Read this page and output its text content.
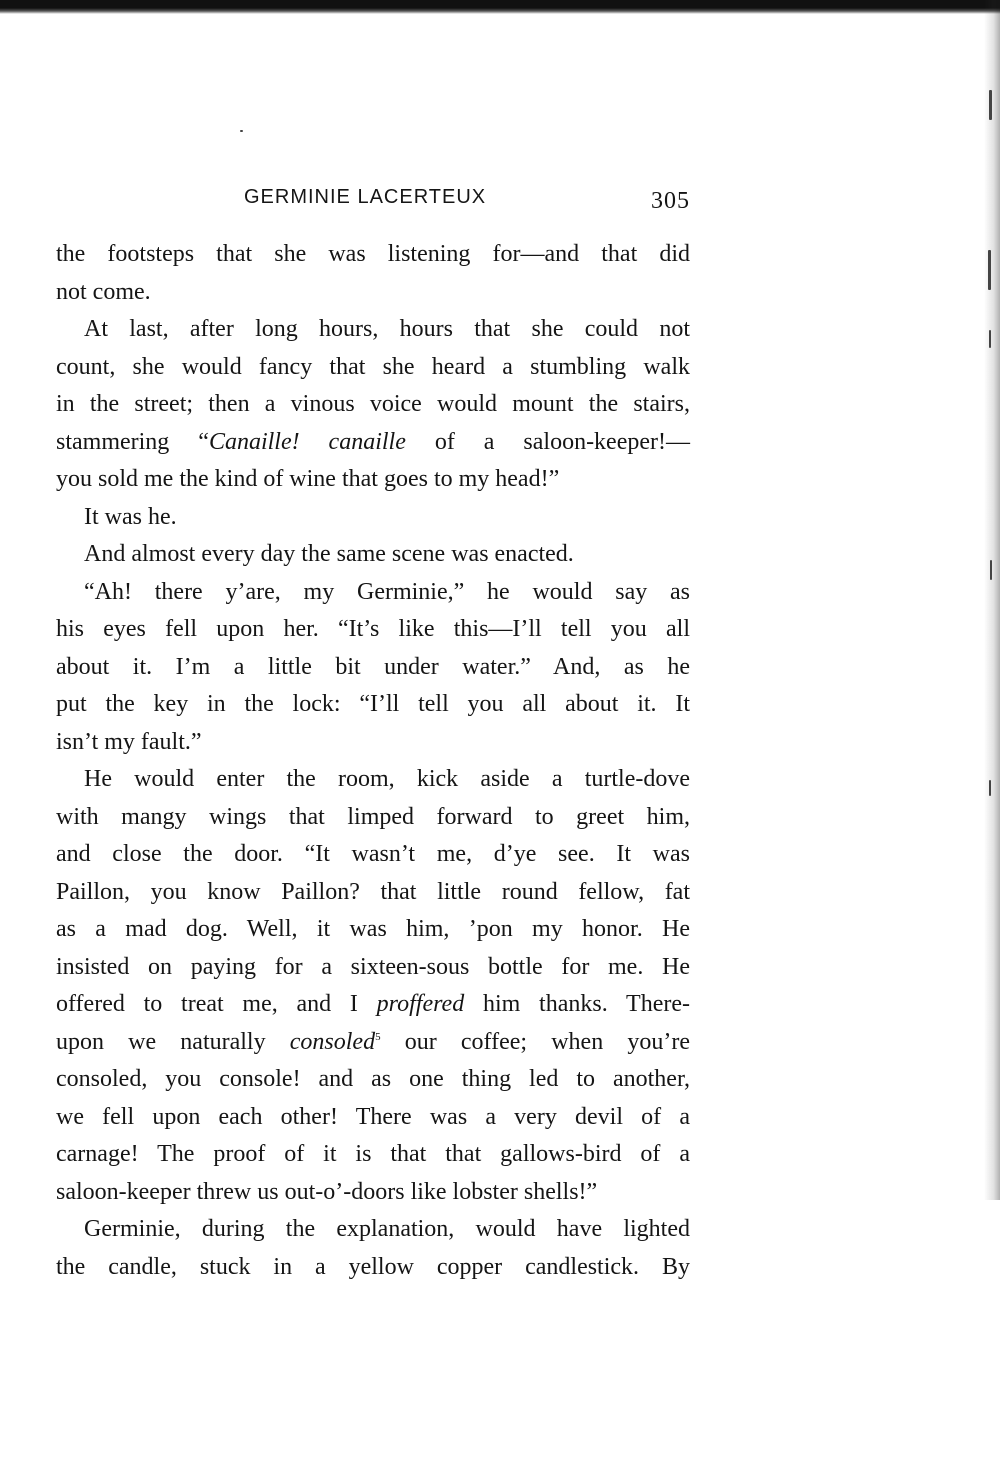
GERMINIE LACERTEUX	305
the footsteps that she was listening for—and that did
not come.
At last, after long hours, hours that she could not
count, she would fancy that she heard a stumbling walk
in the street; then a vinous voice would mount the stairs,
stammering “Canaille! canaille of a saloon-keeper!—
you sold me the kind of wine that goes to my head!”
It was he.
And almost every day the same scene was enacted.
“Ah! there y’are, my Germinie,” he would say as
his eyes fell upon her. “It’s like this—I’ll tell you all
about it. I’m a little bit under water.” And, as he
put the key in the lock: “I’ll tell you all about it. It
isn’t my fault.”
He would enter the room, kick aside a turtle-dove
with mangy wings that limped forward to greet him,
and close the door. “It wasn’t me, d’ye see. It was
Paillon, you know Paillon? that little round fellow, fat
as a mad dog. Well, it was him, ’pon my honor. He
insisted on paying for a sixteen-sous bottle for me. He
offered to treat me, and I proffered him thanks. There-
upon we naturally consoled$^5$ our coffee; when you’re
consoled, you console! and as one thing led to another,
we fell upon each other! There was a very devil of a
carnage! The proof of it is that that gallows-bird of a
saloon-keeper threw us out-o’-doors like lobster shells!”
Germinie, during the explanation, would have lighted
the candle, stuck in a yellow copper candlestick. By
